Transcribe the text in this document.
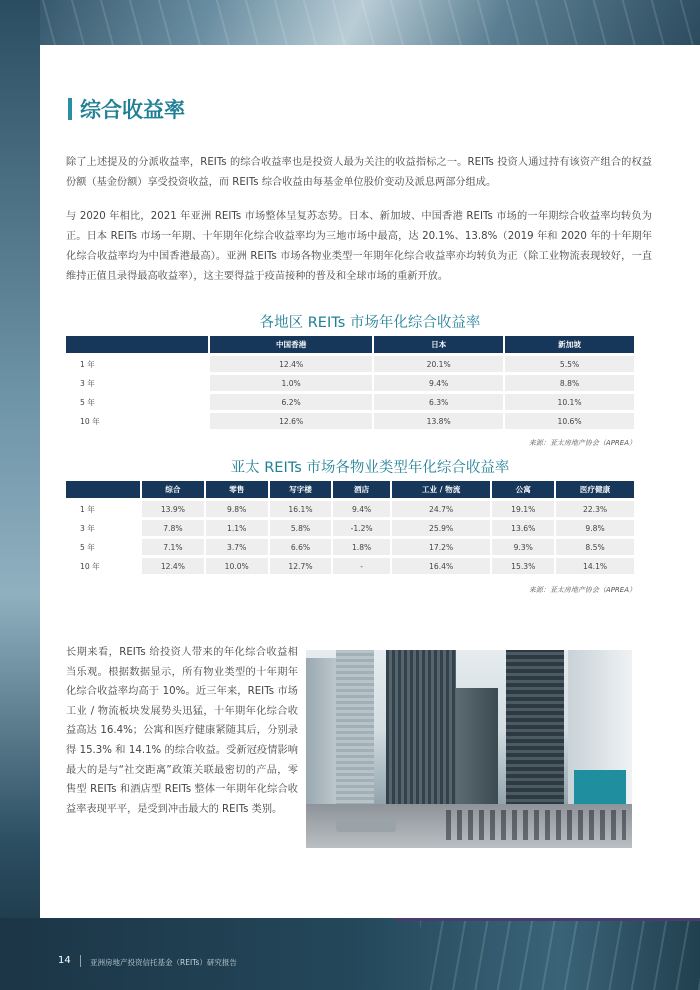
综合收益率

除了上述提及的分派收益率，REITs 的综合收益率也是投资人最为关注的收益指标之一。REITs 投资人通过持有该资产组合的权益份额（基金份额）享受投资收益，而 REITs 综合收益由每基金单位股价变动及派息两部分组成。

与 2020 年相比，2021 年亚洲 REITs 市场整体呈复苏态势。日本、新加坡、中国香港 REITs 市场的一年期综合收益率均转负为正。日本 REITs 市场一年期、十年期年化综合收益率均为三地市场中最高，达 20.1%、13.8%（2019 年和 2020 年的十年期年化综合收益率均为中国香港最高）。亚洲 REITs 市场各物业类型一年期年化综合收益率亦均转负为正（除工业物流表现较好，一直维持正值且录得最高收益率），这主要得益于疫苗接种的普及和全球市场的重新开放。

各地区 REITs 市场年化综合收益率
	中国香港	日本	新加坡
1 年	12.4%	20.1%	5.5%
3 年	1.0%	9.4%	8.8%
5 年	6.2%	6.3%	10.1%
10 年	12.6%	13.8%	10.6%
来源：亚太房地产协会（APREA）
亚太 REITs 市场各物业类型年化综合收益率
	综合	零售	写字楼	酒店	工业 / 物流	公寓	医疗健康
1 年	13.9%	9.8%	16.1%	9.4%	24.7%	19.1%	22.3%
3 年	7.8%	1.1%	5.8%	-1.2%	25.9%	13.6%	9.8%
5 年	7.1%	3.7%	6.6%	1.8%	17.2%	9.3%	8.5%
10 年	12.4%	10.0%	12.7%	-	16.4%	15.3%	14.1%
来源：亚太房地产协会（APREA）

长期来看，REITs 给投资人带来的年化综合收益相当乐观。根据数据显示，所有物业类型的十年期年化综合收益率均高于 10%。近三年来，REITs 市场工业 / 物流板块发展势头迅猛，十年期年化综合收益高达 16.4%；公寓和医疗健康紧随其后，分别录得 15.3% 和 14.1% 的综合收益。受新冠疫情影响最大的是与“社交距离”政策关联最密切的产品，零售型 REITs 和酒店型 REITs 整体一年期年化综合收益率表现平平，是受到冲击最大的 REITs 类别。

14	亚洲房地产投资信托基金（REITs）研究报告
